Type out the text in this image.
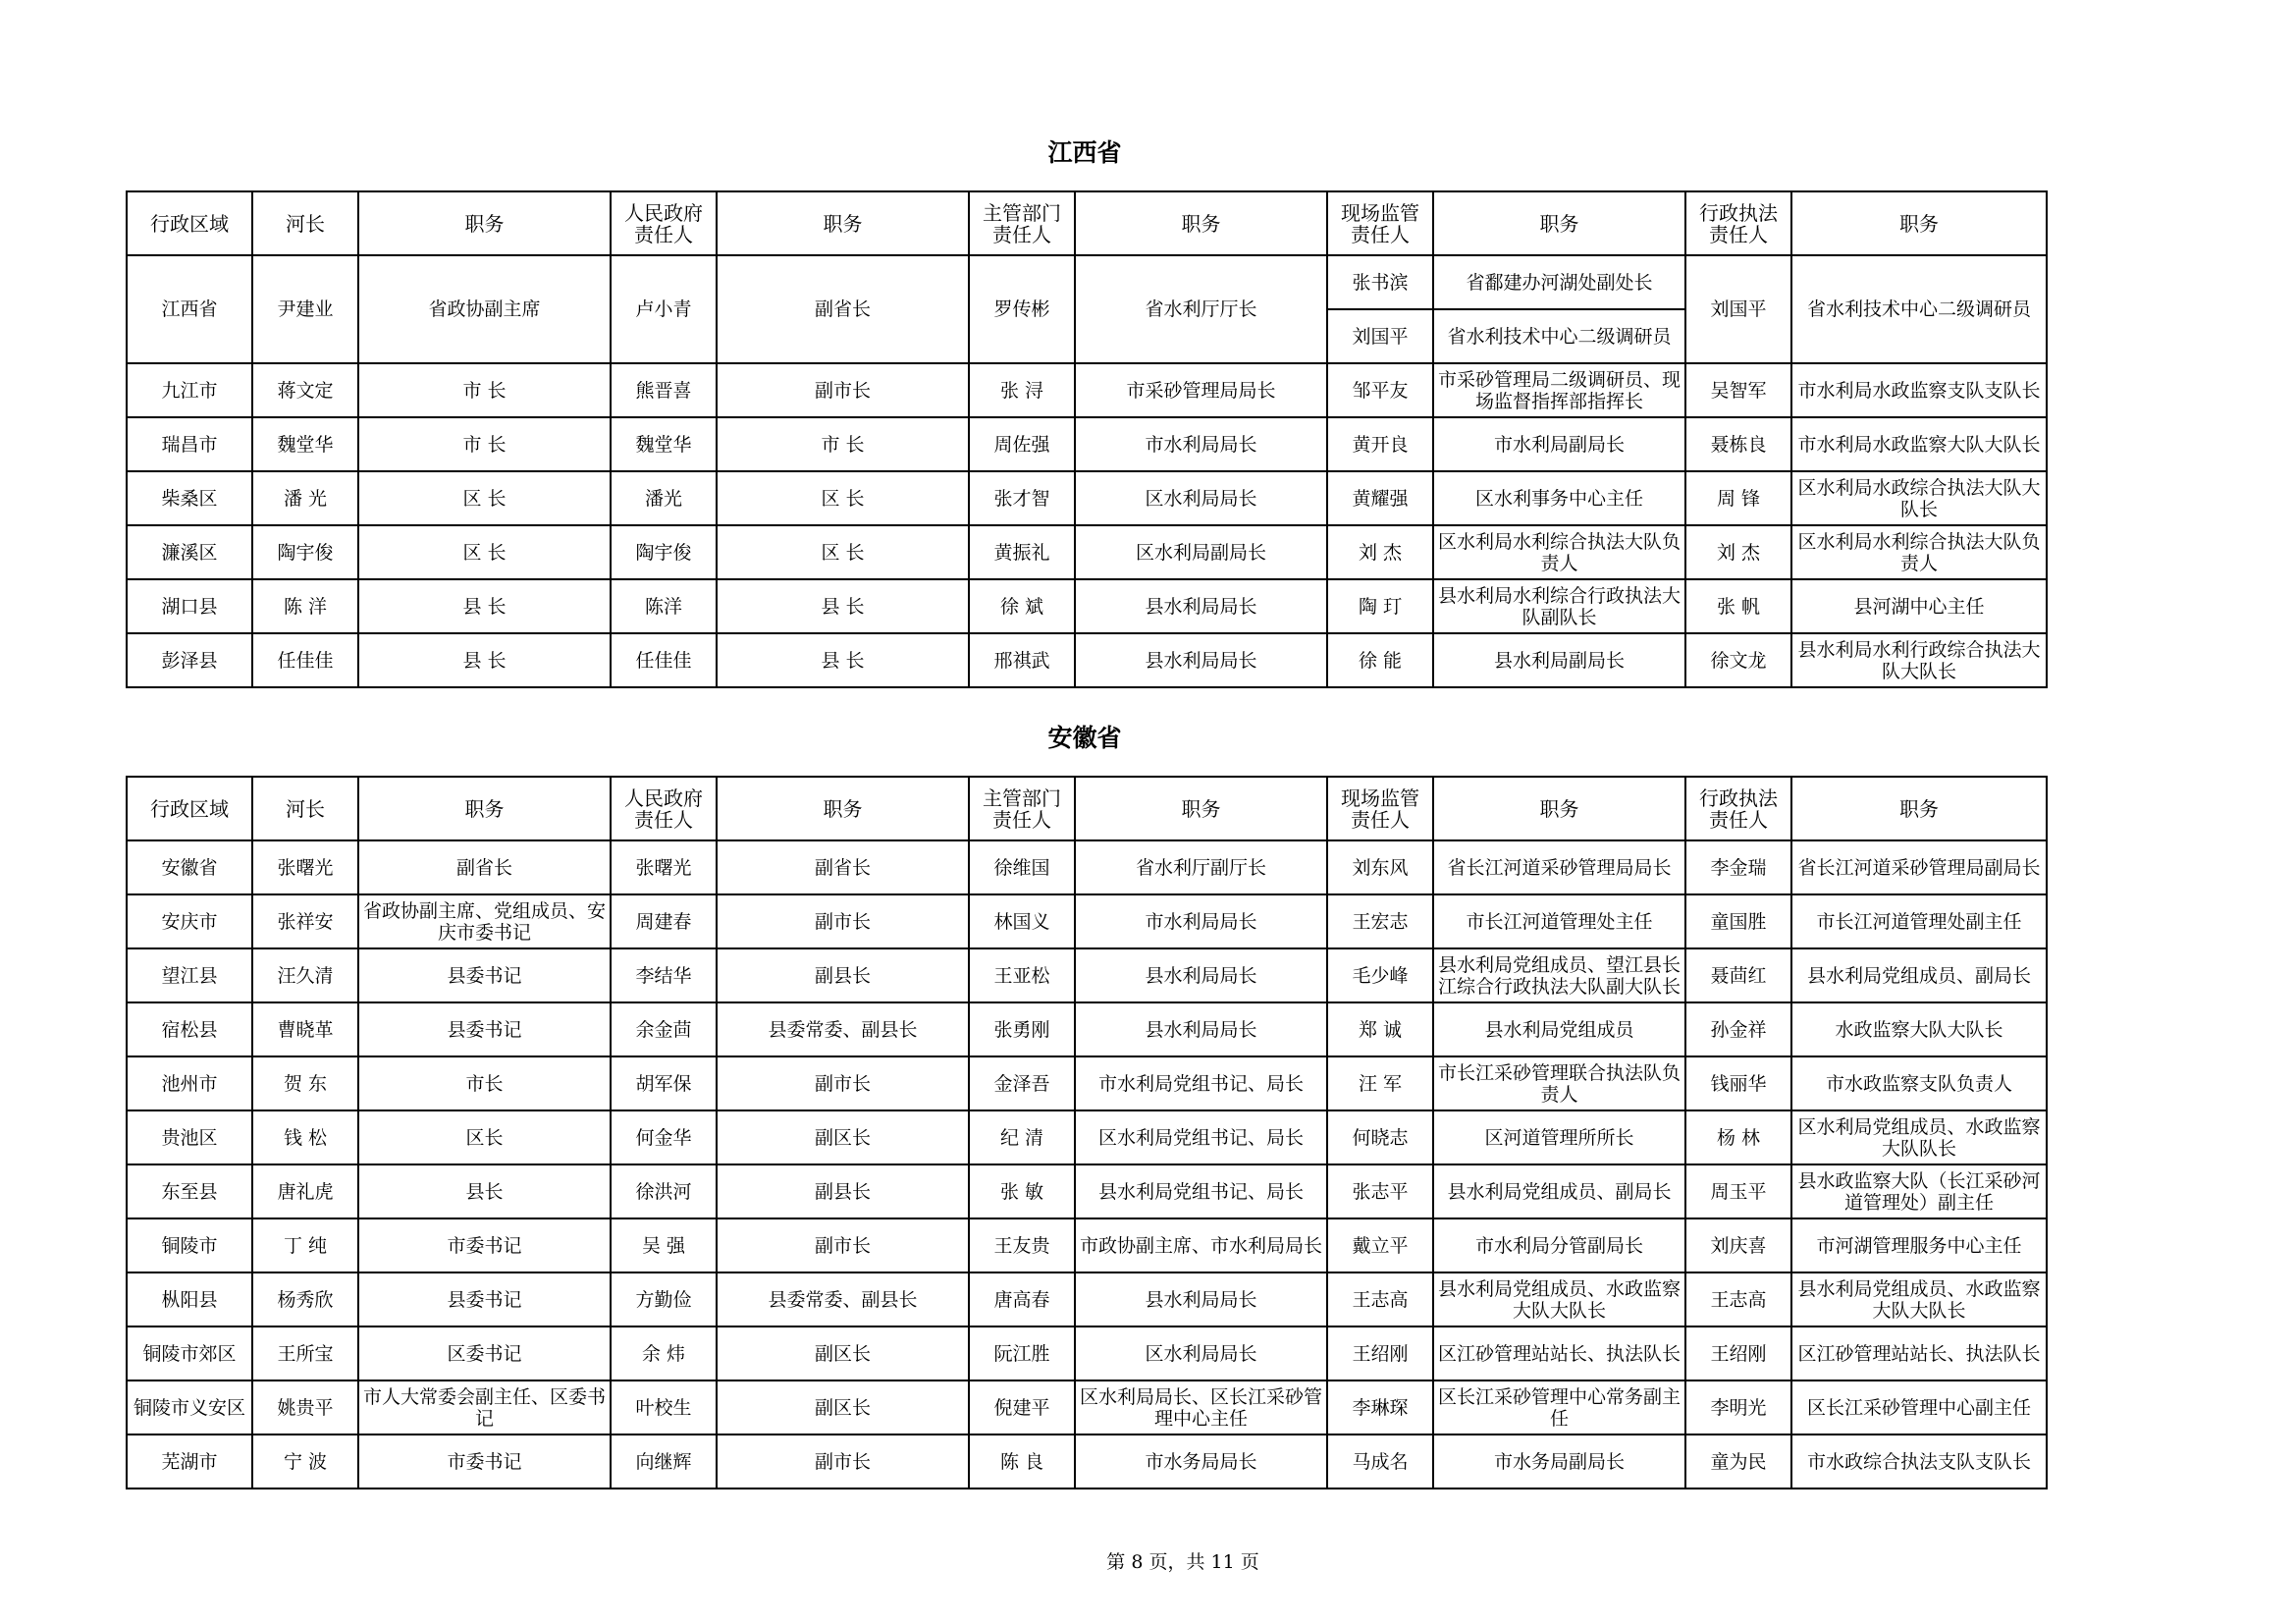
江西省
行政区域	河长	职务	人民政府责任人	职务	主管部门责任人	职务	现场监管责任人	职务	行政执法责任人	职务
江西省	尹建业	省政协副主席	卢小青	副省长	罗传彬	省水利厅厅长	张书滨	省鄱建办河湖处副处长	刘国平	省水利技术中心二级调研员
							刘国平	省水利技术中心二级调研员		
九江市	蒋文定	市 长	熊晋喜	副市长	张 浔	市采砂管理局局长	邹平友	市采砂管理局二级调研员、现场监督指挥部指挥长	吴智军	市水利局水政监察支队支队长
瑞昌市	魏堂华	市 长	魏堂华	市 长	周佐强	市水利局局长	黄开良	市水利局副局长	聂栋良	市水利局水政监察大队大队长
柴桑区	潘 光	区 长	潘光	区 长	张才智	区水利局局长	黄耀强	区水利事务中心主任	周 锋	区水利局水政综合执法大队大队长
濂溪区	陶宇俊	区 长	陶宇俊	区 长	黄振礼	区水利局副局长	刘 杰	区水利局水利综合执法大队负责人	刘 杰	区水利局水利综合执法大队负责人
湖口县	陈 洋	县 长	陈洋	县 长	徐 斌	县水利局局长	陶 玎	县水利局水利综合行政执法大队副队长	张 帆	县河湖中心主任
彭泽县	任佳佳	县 长	任佳佳	县 长	邢祺武	县水利局局长	徐 能	县水利局副局长	徐文龙	县水利局水利行政综合执法大队大队长
安徽省
行政区域	河长	职务	人民政府责任人	职务	主管部门责任人	职务	现场监管责任人	职务	行政执法责任人	职务
安徽省	张曙光	副省长	张曙光	副省长	徐维国	省水利厅副厅长	刘东风	省长江河道采砂管理局局长	李金瑞	省长江河道采砂管理局副局长
安庆市	张祥安	省政协副主席、党组成员、安庆市委书记	周建春	副市长	林国义	市水利局局长	王宏志	市长江河道管理处主任	童国胜	市长江河道管理处副主任
望江县	汪久清	县委书记	李结华	副县长	王亚松	县水利局局长	毛少峰	县水利局党组成员、望江县长江综合行政执法大队副大队长	聂茴红	县水利局党组成员、副局长
宿松县	曹晓革	县委书记	余金茴	县委常委、副县长	张勇刚	县水利局局长	郑 诚	县水利局党组成员	孙金祥	水政监察大队大队长
池州市	贺 东	市长	胡军保	副市长	金泽吾	市水利局党组书记、局长	汪 军	市长江采砂管理联合执法队负责人	钱丽华	市水政监察支队负责人
贵池区	钱 松	区长	何金华	副区长	纪 清	区水利局党组书记、局长	何晓志	区河道管理所所长	杨 林	区水利局党组成员、水政监察 大队队长
东至县	唐礼虎	县长	徐洪河	副县长	张 敏	县水利局党组书记、局长	张志平	县水利局党组成员、副局长	周玉平	县水政监察大队（长江采砂河道管理处）副主任
铜陵市	丁 纯	市委书记	吴 强	副市长	王友贵	市政协副主席、市水利局局长	戴立平	市水利局分管副局长	刘庆喜	市河湖管理服务中心主任
枞阳县	杨秀欣	县委书记	方勤俭	县委常委、副县长	唐高春	县水利局局长	王志高	县水利局党组成员、水政监察大队大队长	王志高	县水利局党组成员、水政监察大队大队长
铜陵市郊区	王所宝	区委书记	余 炜	副区长	阮江胜	区水利局局长	王绍刚	区江砂管理站站长、执法队长	王绍刚	区江砂管理站站长、执法队长
铜陵市义安区	姚贵平	市人大常委会副主任、区委书记	叶校生	副区长	倪建平	区水利局局长、区长江采砂管理中心主任	李琳琛	区长江采砂管理中心常务副主任	李明光	区长江采砂管理中心副主任
芜湖市	宁 波	市委书记	向继辉	副市长	陈 良	市水务局局长	马成名	市水务局副局长	童为民	市水政综合执法支队支队长
第 8 页，共 11 页
